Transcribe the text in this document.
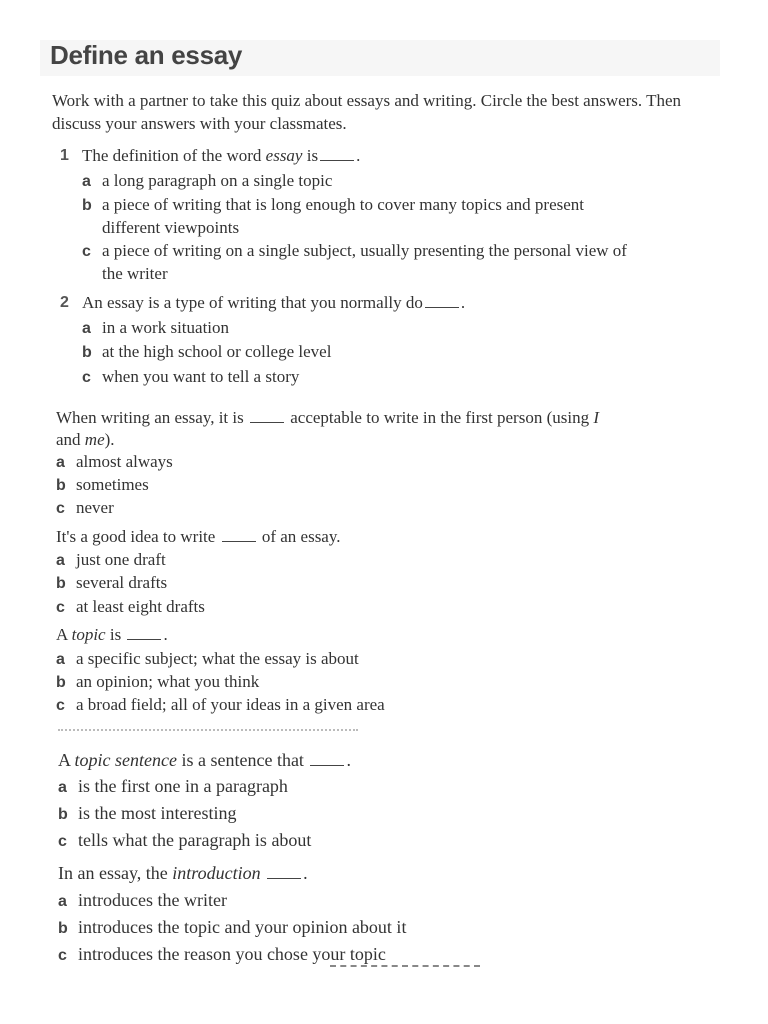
Define an essay
Work with a partner to take this quiz about essays and writing. Circle the best answers. Then discuss your answers with your classmates.
1 The definition of the word essay is .
a a long paragraph on a single topic
b a piece of writing that is long enough to cover many topics and present
different viewpoints
c a piece of writing on a single subject, usually presenting the personal view of
the writer
2 An essay is a type of writing that you normally do .
a in a work situation
b at the high school or college level
c when you want to tell a story
When writing an essay, it is	acceptable to write in the first person (using I
and me).
a almost always
b sometimes
c never
It's a good idea to write	of an essay.
a just one draft
b several drafts
c at least eight drafts
A topic is .
a a specific subject; what the essay is about
b an opinion; what you think
c a broad field; all of your ideas in a given area
A topic sentence is a sentence that .
a is the first one in a paragraph
b is the most interesting
c tells what the paragraph is about
In an essay, the introduction .
a introduces the writer
b introduces the topic and your opinion about it
c introduces the reason you chose your topic
